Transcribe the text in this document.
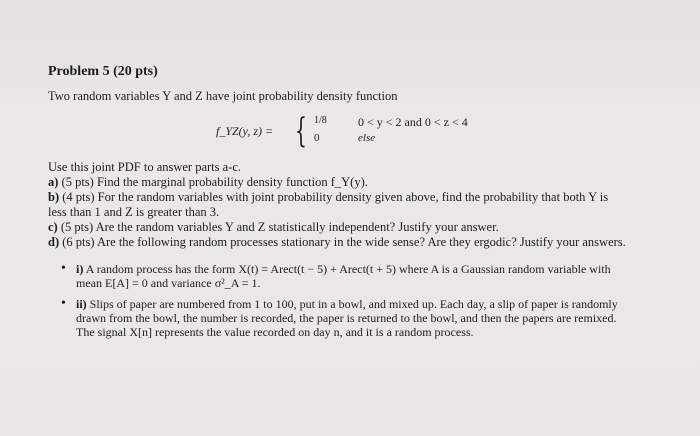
Problem 5 (20 pts)

Two random variables Y and Z have joint probability density function

f_YZ(y, z) = { 1/8
0
0 < y < 2 and 0 < z < 4
else

Use this joint PDF to answer parts a-c.

a) (5 pts) Find the marginal probability density function f_Y(y).

b) (4 pts) For the random variables with joint probability density given above, find the probability that both Y is less than 1 and Z is greater than 3.

c) (5 pts) Are the random variables Y and Z statistically independent? Justify your answer.

d) (6 pts) Are the following random processes stationary in the wide sense? Are they ergodic? Justify your answers.

• i) A random process has the form X(t) = Arect(t − 5) + Arect(t + 5) where A is a Gaussian random variable with mean E[A] = 0 and variance σ²_A = 1.
• ii) Slips of paper are numbered from 1 to 100, put in a bowl, and mixed up. Each day, a slip of paper is randomly drawn from the bowl, the number is recorded, the paper is returned to the bowl, and then the papers are remixed. The signal X[n] represents the value recorded on day n, and it is a random process.
